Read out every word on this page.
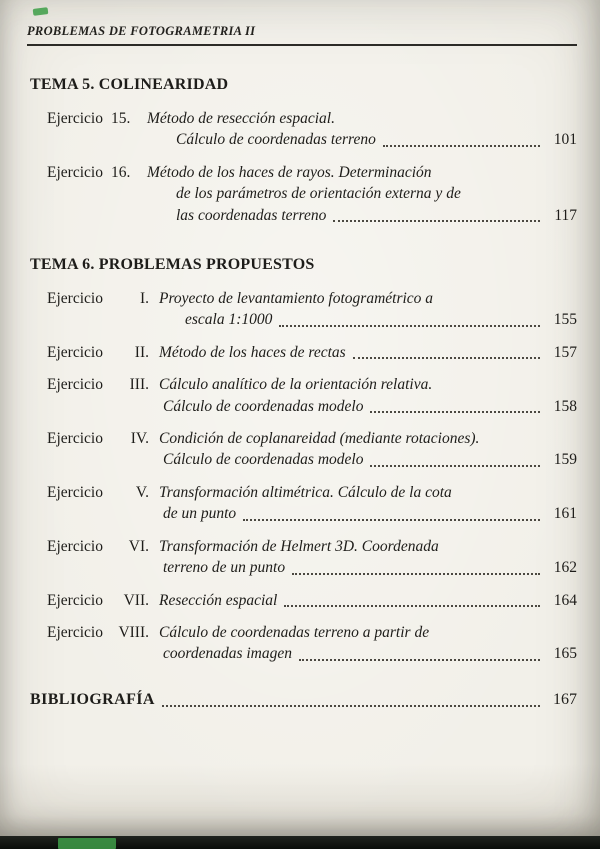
PROBLEMAS DE FOTOGRAMETRIA II
TEMA 5. COLINEARIDAD
Ejercicio 15.	Método de resección espacial.
Cálculo de coordenadas terreno	101
Ejercicio 16.	Método de los haces de rayos. Determinación
de los parámetros de orientación externa y de
las coordenadas terreno	117
TEMA 6. PROBLEMAS PROPUESTOS
Ejercicio	I. Proyecto de levantamiento fotogramétrico a
escala 1:1000	155
Ejercicio	II. Método de los haces de rectas	157
Ejercicio	III. Cálculo analítico de la orientación relativa.
Cálculo de coordenadas modelo	158
Ejercicio	IV. Condición de coplanareidad (mediante rotaciones).
Cálculo de coordenadas modelo	159
Ejercicio	V. Transformación altimétrica. Cálculo de la cota
de un punto	161
Ejercicio	VI. Transformación de Helmert 3D. Coordenada
terreno de un punto	162
Ejercicio	VII. Resección espacial	164
Ejercicio VIII. Cálculo de coordenadas terreno a partir de
coordenadas imagen	165
BIBLIOGRAFÍA	167
